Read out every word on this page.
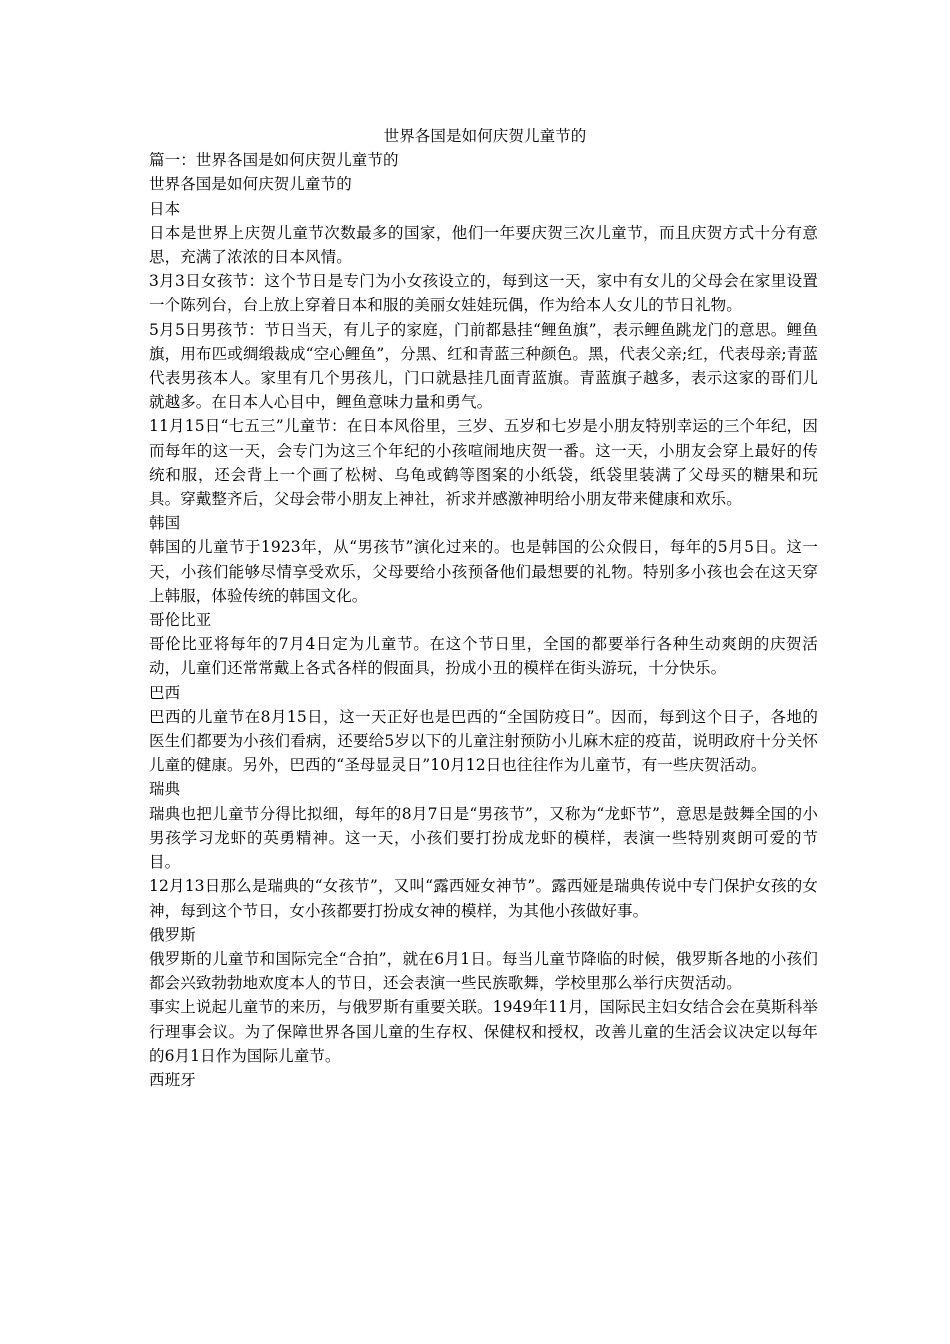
世界各国是如何庆贺儿童节的

篇一：世界各国是如何庆贺儿童节的

世界各国是如何庆贺儿童节的

日本

日本是世界上庆贺儿童节次数最多的国家，他们一年要庆贺三次儿童节，而且庆贺方式十分有意思，充满了浓浓的日本风情。

3月3日女孩节：这个节日是专门为小女孩设立的，每到这一天，家中有女儿的父母会在家里设置一个陈列台，台上放上穿着日本和服的美丽女娃娃玩偶，作为给本人女儿的节日礼物。

5月5日男孩节：节日当天，有儿子的家庭，门前都悬挂“鲤鱼旗”，表示鲤鱼跳龙门的意思。鲤鱼旗，用布匹或绸缎裁成“空心鲤鱼”，分黑、红和青蓝三种颜色。黑，代表父亲;红，代表母亲;青蓝代表男孩本人。家里有几个男孩儿，门口就悬挂几面青蓝旗。青蓝旗子越多，表示这家的哥们儿就越多。在日本人心目中，鲤鱼意味力量和勇气。

11月15日“七五三”儿童节：在日本风俗里，三岁、五岁和七岁是小朋友特别幸运的三个年纪，因而每年的这一天，会专门为这三个年纪的小孩喧闹地庆贺一番。这一天，小朋友会穿上最好的传统和服，还会背上一个画了松树、乌龟或鹤等图案的小纸袋，纸袋里装满了父母买的糖果和玩具。穿戴整齐后，父母会带小朋友上神社，祈求并感激神明给小朋友带来健康和欢乐。

韩国

韩国的儿童节于1923年，从“男孩节”演化过来的。也是韩国的公众假日，每年的5月5日。这一天，小孩们能够尽情享受欢乐，父母要给小孩预备他们最想要的礼物。特别多小孩也会在这天穿上韩服，体验传统的韩国文化。

哥伦比亚

哥伦比亚将每年的7月4日定为儿童节。在这个节日里，全国的都要举行各种生动爽朗的庆贺活动，儿童们还常常戴上各式各样的假面具，扮成小丑的模样在街头游玩，十分快乐。

巴西

巴西的儿童节在8月15日，这一天正好也是巴西的“全国防疫日”。因而，每到这个日子，各地的医生们都要为小孩们看病，还要给5岁以下的儿童注射预防小儿麻木症的疫苗，说明政府十分关怀儿童的健康。另外，巴西的“圣母显灵日”10月12日也往往作为儿童节，有一些庆贺活动。

瑞典

瑞典也把儿童节分得比拟细，每年的8月7日是“男孩节”，又称为“龙虾节”，意思是鼓舞全国的小男孩学习龙虾的英勇精神。这一天，小孩们要打扮成龙虾的模样，表演一些特别爽朗可爱的节目。

12月13日那么是瑞典的“女孩节”，又叫“露西娅女神节”。露西娅是瑞典传说中专门保护女孩的女神，每到这个节日，女小孩都要打扮成女神的模样，为其他小孩做好事。

俄罗斯

俄罗斯的儿童节和国际完全“合拍”，就在6月1日。每当儿童节降临的时候，俄罗斯各地的小孩们都会兴致勃勃地欢度本人的节日，还会表演一些民族歌舞，学校里那么举行庆贺活动。

事实上说起儿童节的来历，与俄罗斯有重要关联。1949年11月，国际民主妇女结合会在莫斯科举行理事会议。为了保障世界各国儿童的生存权、保健权和授权，改善儿童的生活会议决定以每年的6月1日作为国际儿童节。

西班牙
